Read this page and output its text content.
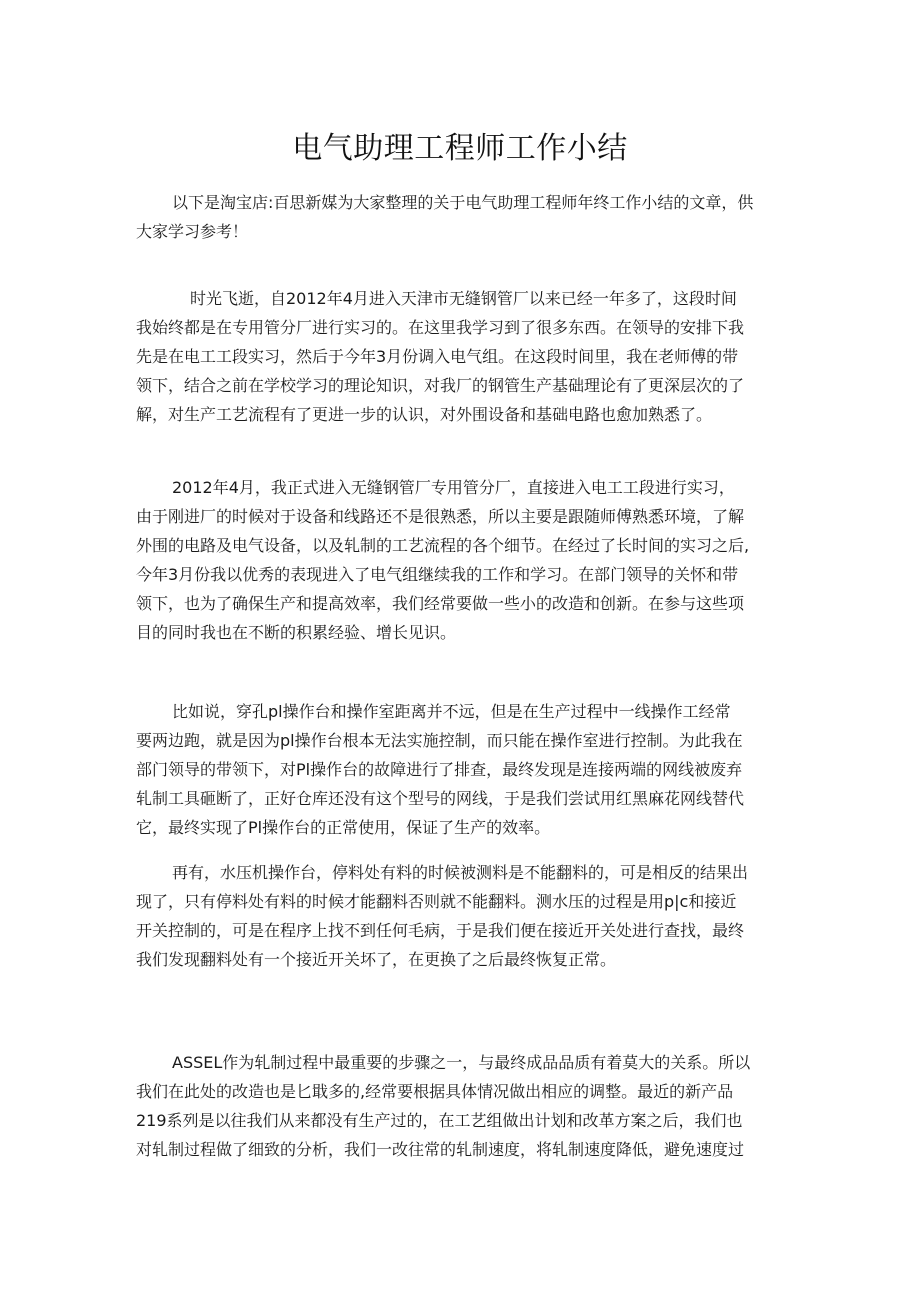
电气助理工程师工作小结
以下是淘宝店:百思新媒为大家整理的关于电气助理工程师年终工作小结的文章，供
大家学习参考！
时光飞逝，自2012年4月进入天津市无缝钢管厂以来已经一年多了，这段时间
我始终都是在专用管分厂进行实习的。在这里我学习到了很多东西。在领导的安排下我
先是在电工工段实习，然后于今年3月份调入电气组。在这段时间里，我在老师傅的带
领下，结合之前在学校学习的理论知识，对我厂的钢管生产基础理论有了更深层次的了
解，对生产工艺流程有了更进一步的认识，对外围设备和基础电路也愈加熟悉了。
2012年4月，我正式进入无缝钢管厂专用管分厂，直接进入电工工段进行实习，
由于刚进厂的时候对于设备和线路还不是很熟悉，所以主要是跟随师傅熟悉环境，了解
外围的电路及电气设备，以及轧制的工艺流程的各个细节。在经过了长时间的实习之后,
今年3月份我以优秀的表现进入了电气组继续我的工作和学习。在部门领导的关怀和带
领下，也为了确保生产和提高效率，我们经常要做一些小的改造和创新。在参与这些项
目的同时我也在不断的积累经验、增长见识。
比如说，穿孔pl操作台和操作室距离并不远，但是在生产过程中一线操作工经常
要两边跑，就是因为pl操作台根本无法实施控制，而只能在操作室进行控制。为此我在
部门领导的带领下，对Pl操作台的故障进行了排查，最终发现是连接两端的网线被废弃
轧制工具砸断了，正好仓库还没有这个型号的网线，于是我们尝试用红黑麻花网线替代
它，最终实现了Pl操作台的正常使用，保证了生产的效率。
再有，水压机操作台，停料处有料的时候被测料是不能翻料的，可是相反的结果出
现了，只有停料处有料的时候才能翻料否则就不能翻料。测水压的过程是用p|c和接近
开关控制的，可是在程序上找不到任何毛病，于是我们便在接近开关处进行查找，最终
我们发现翻料处有一个接近开关坏了，在更换了之后最终恢复正常。
ASSEL作为轧制过程中最重要的步骤之一，与最终成品品质有着莫大的关系。所以
我们在此处的改造也是匕戢多的,经常要根据具体情况做出相应的调整。最近的新产品
219系列是以往我们从来都没有生产过的，在工艺组做出计划和改革方案之后，我们也
对轧制过程做了细致的分析，我们一改往常的轧制速度，将轧制速度降低，避免速度过
